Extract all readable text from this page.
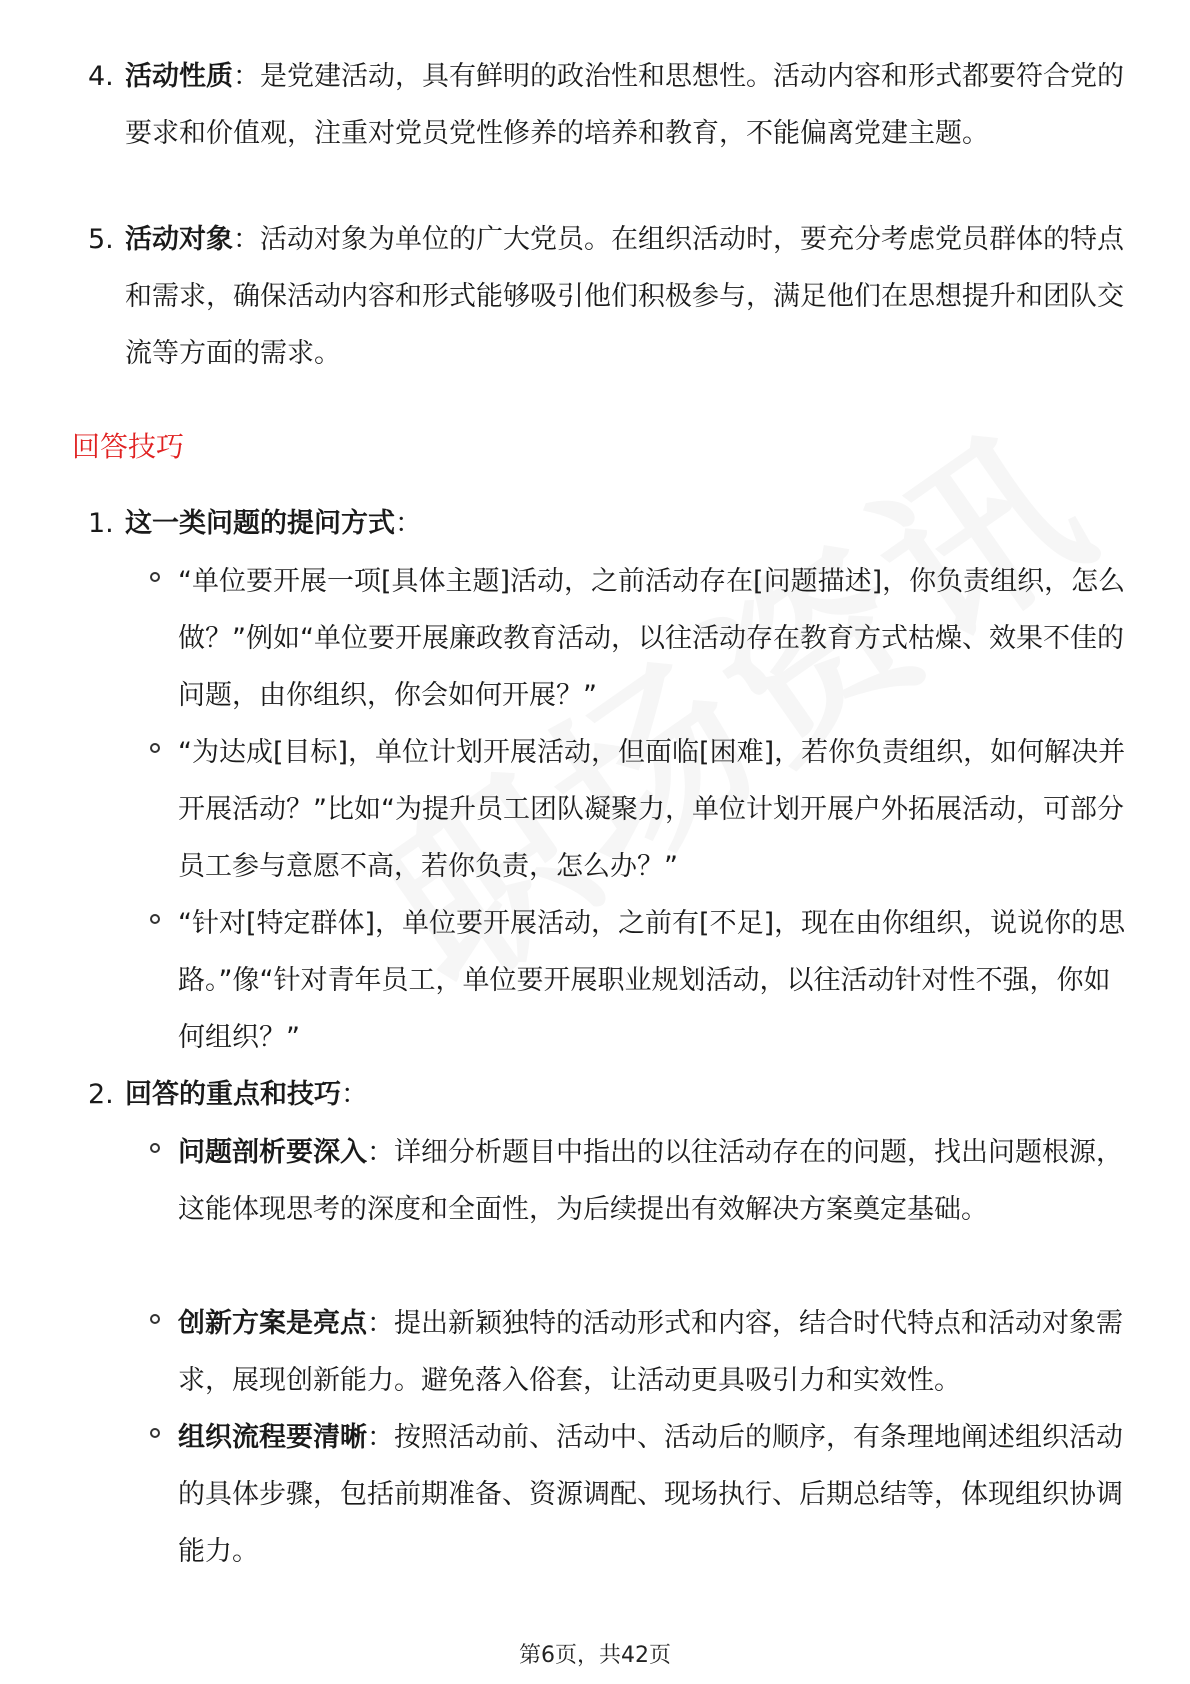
4. 活动性质：是党建活动，具有鲜明的政治性和思想性。活动内容和形式都要符合党的要求和价值观，注重对党员党性修养的培养和教育，不能偏离党建主题。
5. 活动对象：活动对象为单位的广大党员。在组织活动时，要充分考虑党员群体的特点和需求，确保活动内容和形式能够吸引他们积极参与，满足他们在思想提升和团队交流等方面的需求。
回答技巧
1. 这一类问题的提问方式：
“单位要开展一项[具体主题]活动，之前活动存在[问题描述]，你负责组织，怎么做？”例如“单位要开展廉政教育活动，以往活动存在教育方式枯燥、效果不佳的问题，由你组织，你会如何开展？”
“为达成[目标]，单位计划开展活动，但面临[困难]，若你负责组织，如何解决并开展活动？”比如“为提升员工团队凝聚力，单位计划开展户外拓展活动，可部分员工参与意愿不高，若你负责，怎么办？”
“针对[特定群体]，单位要开展活动，之前有[不足]，现在由你组织，说说你的思路。”像“针对青年员工，单位要开展职业规划活动，以往活动针对性不强，你如何组织？”
2. 回答的重点和技巧：
问题剖析要深入：详细分析题目中指出的以往活动存在的问题，找出问题根源，这能体现思考的深度和全面性，为后续提出有效解决方案奠定基础。
创新方案是亮点：提出新颖独特的活动形式和内容，结合时代特点和活动对象需求，展现创新能力。避免落入俗套，让活动更具吸引力和实效性。
组织流程要清晰：按照活动前、活动中、活动后的顺序，有条理地阐述组织活动的具体步骤，包括前期准备、资源调配、现场执行、后期总结等，体现组织协调能力。
第6页，共42页
